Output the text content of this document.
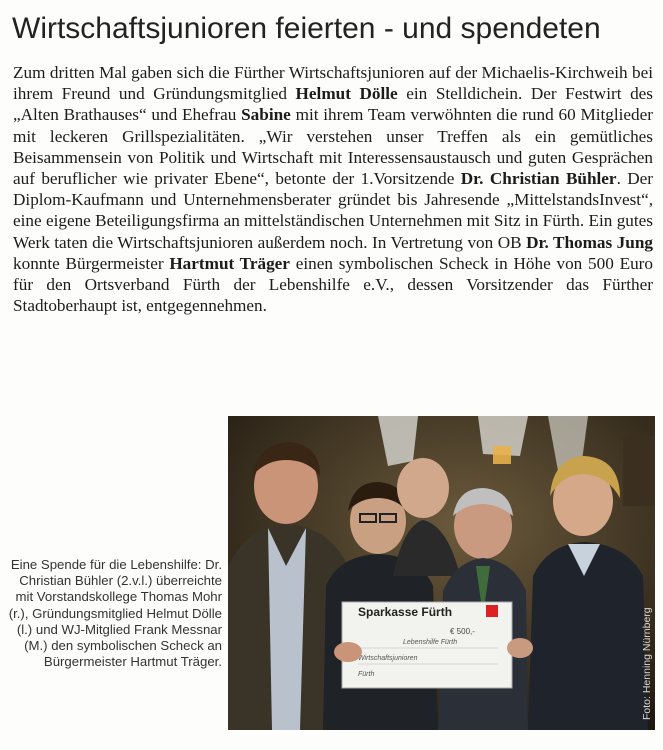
Wirtschaftsjunioren feierten - und spendeten
Zum dritten Mal gaben sich die Fürther Wirtschaftsjunioren auf der Michaelis-Kirchweih bei ihrem Freund und Gründungsmitglied Helmut Dölle ein Stelldichein. Der Festwirt des „Alten Brathauses“ und Ehefrau Sabine mit ihrem Team verwöhnten die rund 60 Mitglieder mit leckeren Grillspezialitäten. „Wir verstehen unser Treffen als ein gemütliches Beisammensein von Politik und Wirtschaft mit Interessensaustausch und guten Gesprächen auf beruflicher wie privater Ebene“, betonte der 1.Vorsitzende Dr. Christian Bühler. Der Diplom-Kaufmann und Unternehmensberater gründet bis Jahresende „MittelstandsInvest“, eine eigene Beteiligungsfirma an mittelständischen Unternehmen mit Sitz in Fürth. Ein gutes Werk taten die Wirtschaftsjunioren außerdem noch. In Vertretung von OB Dr. Thomas Jung konnte Bürgermeister Hartmut Träger einen symbolischen Scheck in Höhe von 500 Euro für den Ortsverband Fürth der Lebenshilfe e.V., dessen Vorsitzender das Fürther Stadtoberhaupt ist, entgegennehmen.
Eine Spende für die Lebenshilfe: Dr. Christian Bühler (2.v.l.) überreichte mit Vorstandskollege Thomas Mohr (r.), Gründungsmitglied Helmut Dölle (l.) und WJ-Mitglied Frank Messnar (M.) den symbolischen Scheck an Bürgermeister Hartmut Träger.
Sparkasse Fürth
€ 500,-
Lebenshilfe Fürth
Wirtschaftsjunioren
Fürth	Foto: Henning Nürnberg
